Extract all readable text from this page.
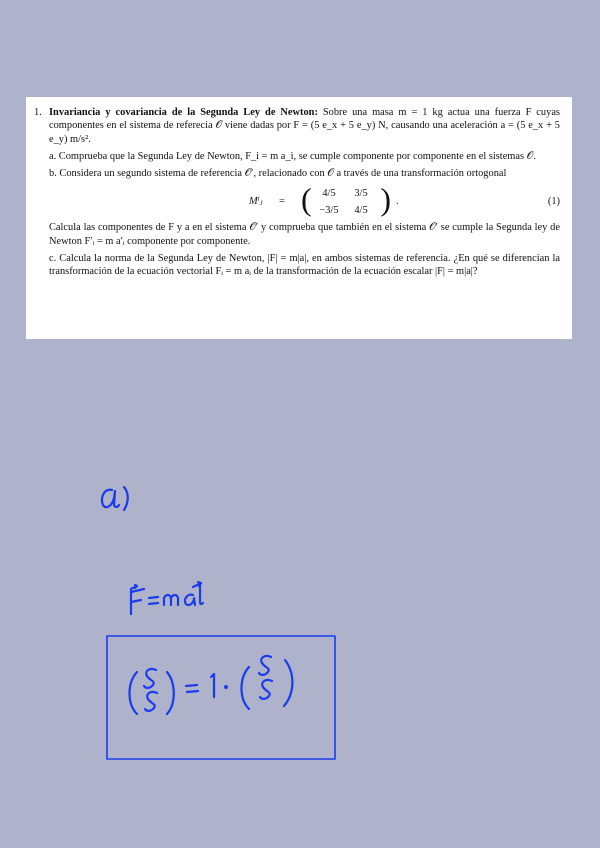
1. Invariancia y covariancia de la Segunda Ley de Newton: Sobre una masa m = 1 kg actua una fuerza F cuyas componentes en el sistema de referecia 𝒪 viene dadas por F = (5 e_x + 5 e_y) N, causando una aceleración a = (5 e_x + 5 e_y) m/s².

a. Comprueba que la Segunda Ley de Newton, F_i = m a_i, se cumple componente por componente en el sistemas 𝒪.

b. Considera un segundo sistema de referencia 𝒪′, relacionado con 𝒪 a través de una transformación ortogonal

Mⁱⱼ = (	4/5	3/5
−3/5	4/5 ) .	(1)

Calcula las componentes de F y a en el sistema 𝒪′ y comprueba que también en el sistema 𝒪′ se cumple la Segunda ley de Newton F′ᵢ = m a′ᵢ componente por componente.

c. Calcula la norma de la Segunda Ley de Newton, |F| = m|a|, en ambos sistemas de referencia. ¿En qué se diferencian la transformación de la ecuación vectorial Fᵢ = m aᵢ de la transformación de la ecuación escalar |F| = m|a|?
